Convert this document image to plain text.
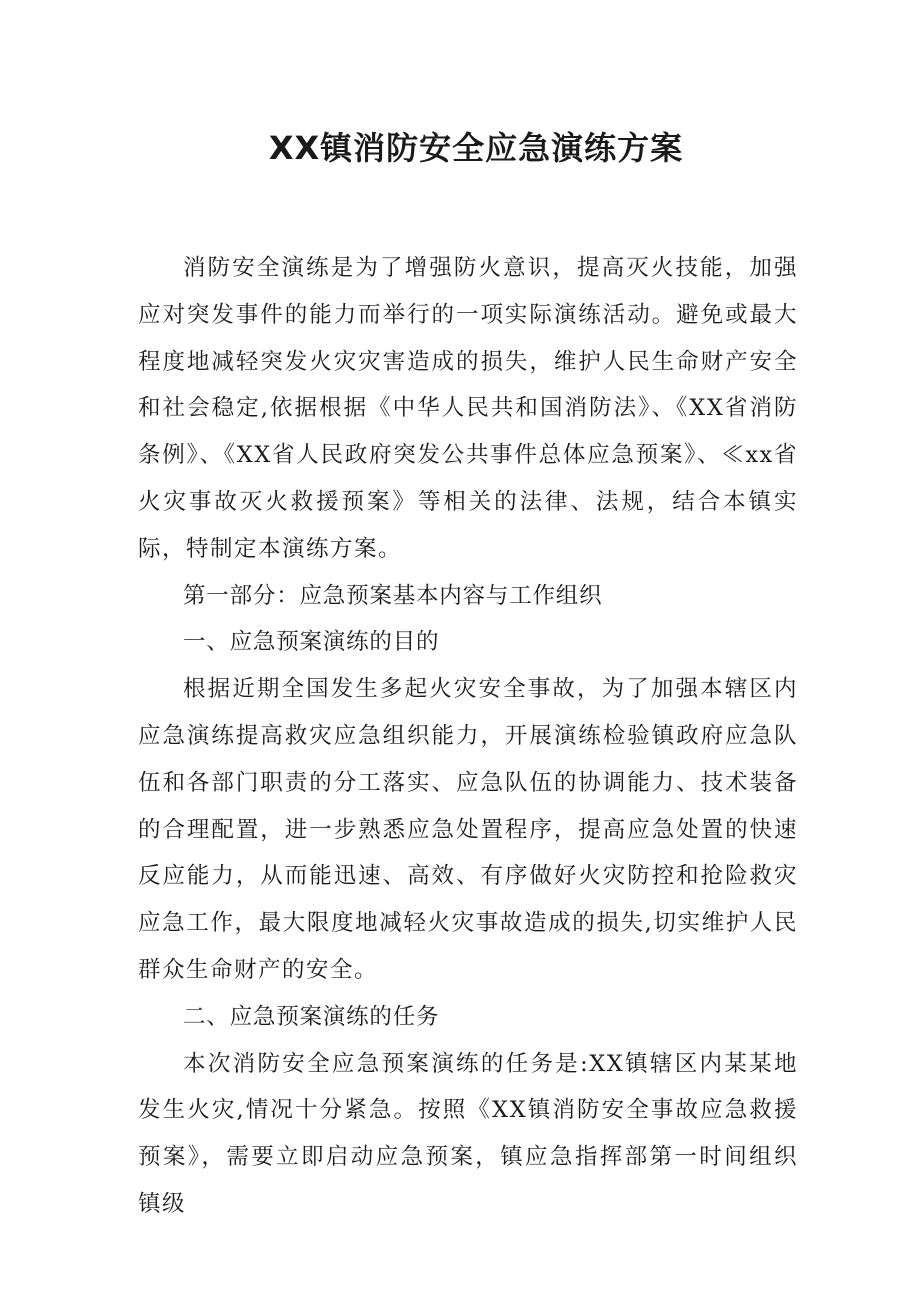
XX镇消防安全应急演练方案

消防安全演练是为了增强防火意识，提高灭火技能，加强应对突发事件的能力而举行的一项实际演练活动。避免或最大程度地减轻突发火灾灾害造成的损失，维护人民生命财产安全和社会稳定,依据根据《中华人民共和国消防法》、《XX省消防条例》、《XX省人民政府突发公共事件总体应急预案》、≪xx省火灾事故灭火救援预案》等相关的法律、法规，结合本镇实际，特制定本演练方案。

第一部分：应急预案基本内容与工作组织

一、应急预案演练的目的

根据近期全国发生多起火灾安全事故，为了加强本辖区内应急演练提高救灾应急组织能力，开展演练检验镇政府应急队伍和各部门职责的分工落实、应急队伍的协调能力、技术装备的合理配置，进一步熟悉应急处置程序，提高应急处置的快速反应能力，从而能迅速、高效、有序做好火灾防控和抢险救灾应急工作，最大限度地减轻火灾事故造成的损失,切实维护人民群众生命财产的安全。

二、应急预案演练的任务

本次消防安全应急预案演练的任务是:XX镇辖区内某某地发生火灾,情况十分紧急。按照《XX镇消防安全事故应急救援预案》，需要立即启动应急预案，镇应急指挥部第一时间组织镇级
